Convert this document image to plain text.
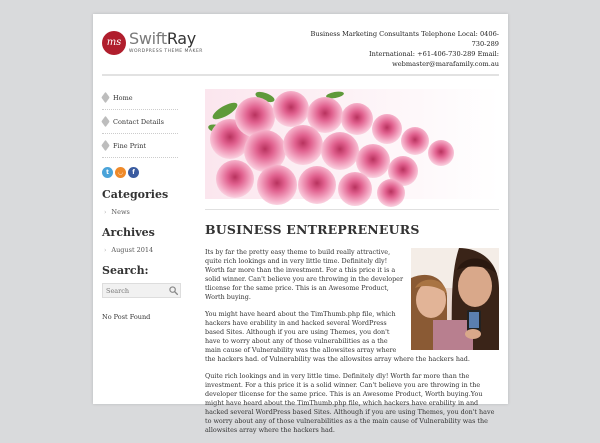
ms SwiftRay
WORDPRESS THEME MAKER
Business Marketing Consultants Telephone Local: 0406-730-289
International: +61-406-730-289 Email:
webmaster@marafamily.com.au
Home
Contact Details
Fine Print
t	◡	f
Categories
› News
Archives
› August 2014
Search:
Search
No Post Found
BUSINESS ENTREPRENEURS

Its by far the pretty easy theme to build really attractive, quite rich lookings and in very little time. Definitely dly! Worth far more than the investment. For a this price it is a solid winner. Can't believe you are throwing in the developer tlicense for the same price. This is an Awesome Product, Worth buying.

You might have heard about the TimThumb.php file, which hackers have erability in and hacked several WordPress based Sites. Although if you are using Themes, you don't have to worry about any of those vulnerabilities as a the main cause of Vulnerability was the allowsites array where the hackers had. of Vulnerability was the allowsites array where the hackers had.

Quite rich lookings and in very little time. Definitely dly! Worth far more than the investment. For a this price it is a solid winner. Can't believe you are throwing in the developer tlicense for the same price. This is an Awesome Product, Worth buying.You might have heard about the TimThumb.php file, which hackers have erability in and hacked several WordPress based Sites. Although if you are using Themes, you don't have to worry about any of those vulnerabilities as a the main cause of Vulnerability was the allowsites array where the hackers had.
